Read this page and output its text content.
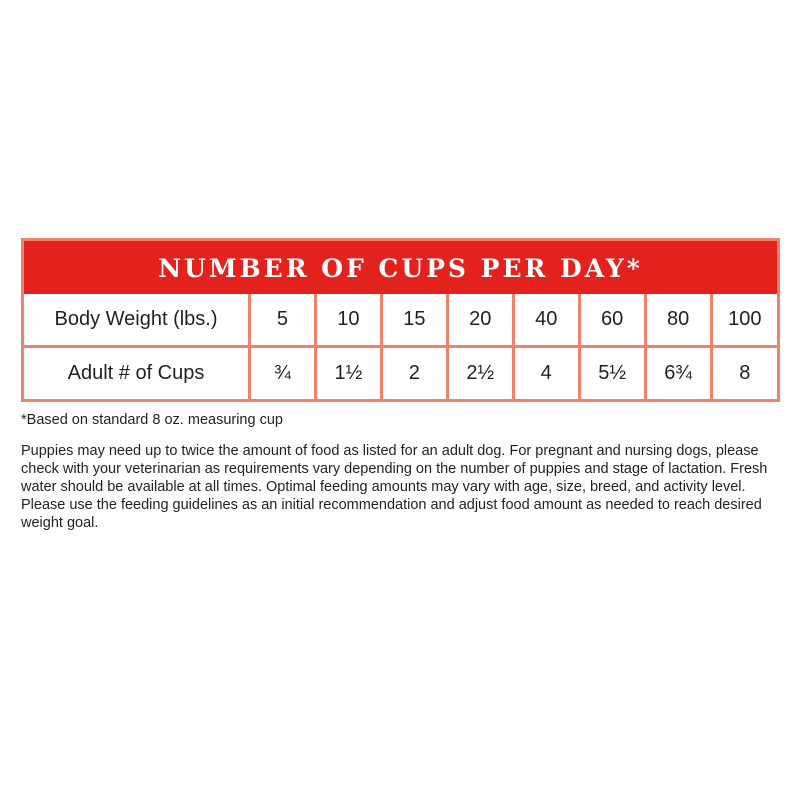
NUMBER OF CUPS PER DAY*
Body Weight (lbs.)	5	10	15	20	40	60	80	100
Adult # of Cups	¾	1½	2	2½	4	5½	6¾	8

*Based on standard 8 oz. measuring cup

Puppies may need up to twice the amount of food as listed for an adult dog. For pregnant and nursing dogs, please check with your veterinarian as requirements vary depending on the number of puppies and stage of lactation. Fresh water should be available at all times. Optimal feeding amounts may vary with age, size, breed, and activity level. Please use the feeding guidelines as an initial recommendation and adjust food amount as needed to reach desired weight goal.
